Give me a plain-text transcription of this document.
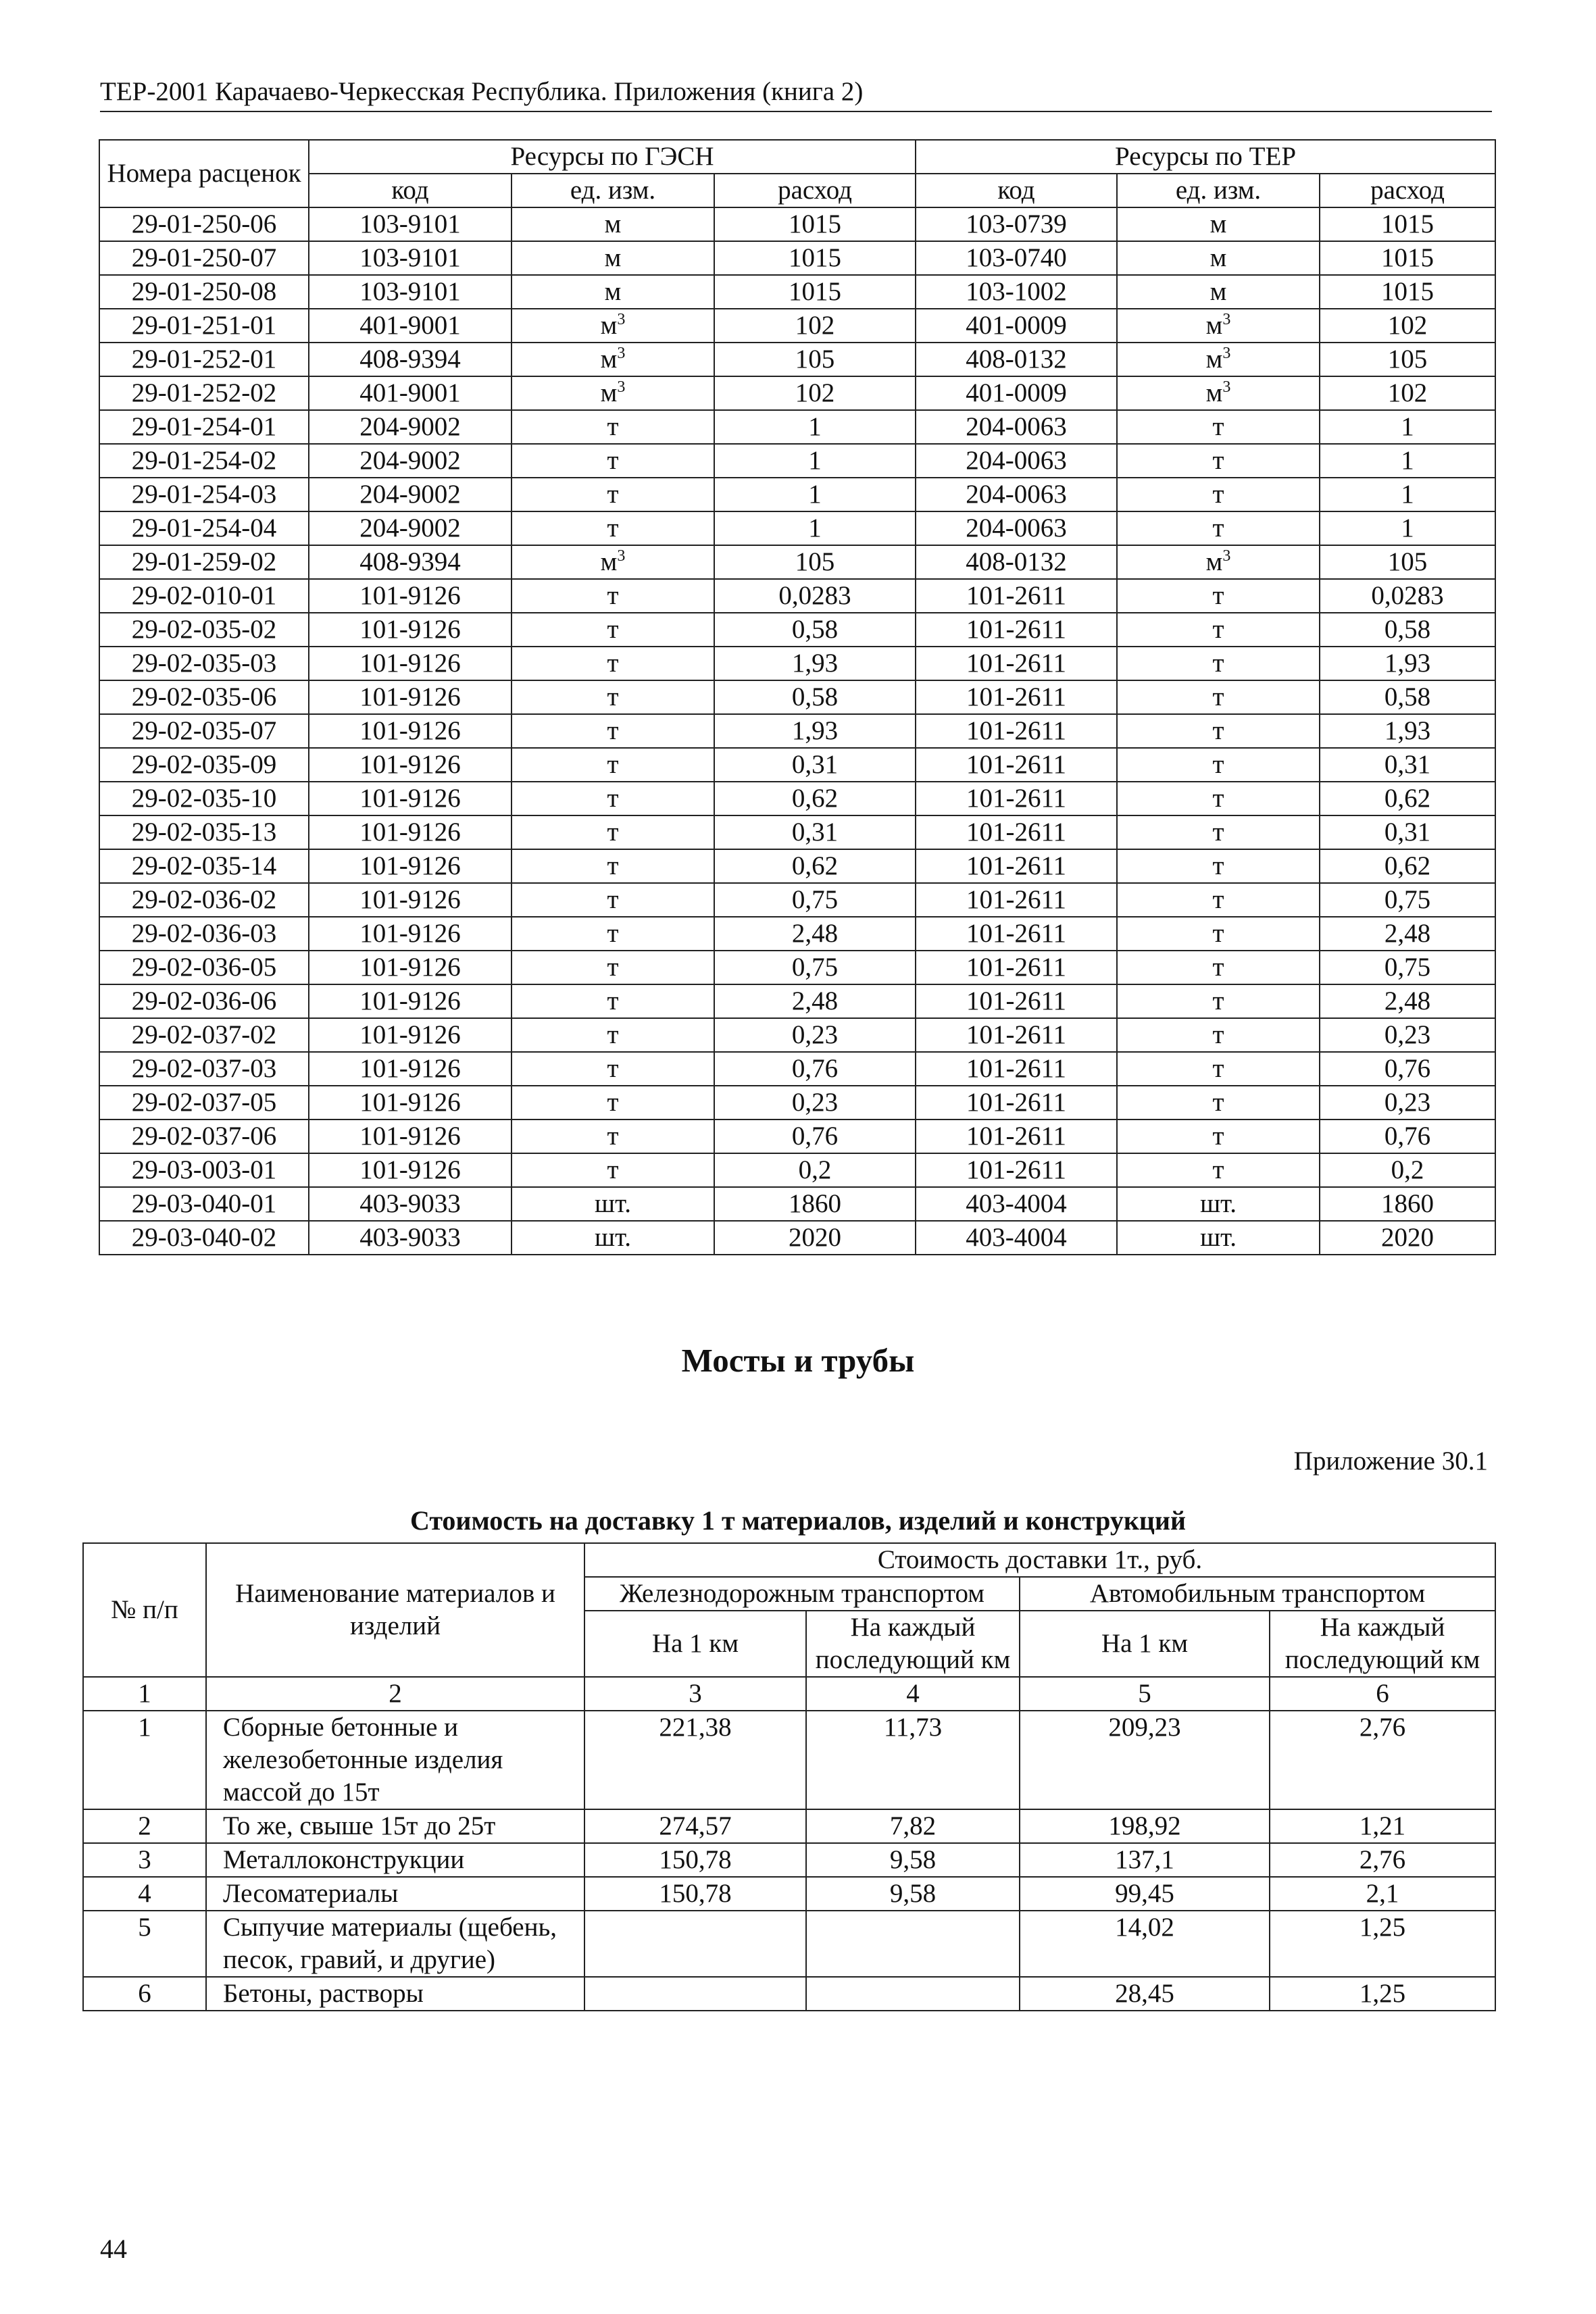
ТЕР-2001 Карачаево-Черкесская Республика. Приложения (книга 2)
Номера расценок	Ресурсы по ГЭСН			Ресурсы по ТЕР		
	код	ед. изм.	расход	код	ед. изм.	расход
29-01-250-06	103-9101	м	1015	103-0739	м	1015
29-01-250-07	103-9101	м	1015	103-0740	м	1015
29-01-250-08	103-9101	м	1015	103-1002	м	1015
29-01-251-01	401-9001	$м^3$	102	401-0009	$м^3$	102
29-01-252-01	408-9394	$м^3$	105	408-0132	$м^3$	105
29-01-252-02	401-9001	$м^3$	102	401-0009	$м^3$	102
29-01-254-01	204-9002	т	1	204-0063	т	1
29-01-254-02	204-9002	т	1	204-0063	т	1
29-01-254-03	204-9002	т	1	204-0063	т	1
29-01-254-04	204-9002	т	1	204-0063	т	1
29-01-259-02	408-9394	$м^3$	105	408-0132	$м^3$	105
29-02-010-01	101-9126	т	0,0283	101-2611	т	0,0283
29-02-035-02	101-9126	т	0,58	101-2611	т	0,58
29-02-035-03	101-9126	т	1,93	101-2611	т	1,93
29-02-035-06	101-9126	т	0,58	101-2611	т	0,58
29-02-035-07	101-9126	т	1,93	101-2611	т	1,93
29-02-035-09	101-9126	т	0,31	101-2611	т	0,31
29-02-035-10	101-9126	т	0,62	101-2611	т	0,62
29-02-035-13	101-9126	т	0,31	101-2611	т	0,31
29-02-035-14	101-9126	т	0,62	101-2611	т	0,62
29-02-036-02	101-9126	т	0,75	101-2611	т	0,75
29-02-036-03	101-9126	т	2,48	101-2611	т	2,48
29-02-036-05	101-9126	т	0,75	101-2611	т	0,75
29-02-036-06	101-9126	т	2,48	101-2611	т	2,48
29-02-037-02	101-9126	т	0,23	101-2611	т	0,23
29-02-037-03	101-9126	т	0,76	101-2611	т	0,76
29-02-037-05	101-9126	т	0,23	101-2611	т	0,23
29-02-037-06	101-9126	т	0,76	101-2611	т	0,76
29-03-003-01	101-9126	т	0,2	101-2611	т	0,2
29-03-040-01	403-9033	шт.	1860	403-4004	шт.	1860
29-03-040-02	403-9033	шт.	2020	403-4004	шт.	2020
Мосты и трубы
Приложение 30.1
Стоимость на доставку 1 т материалов, изделий и конструкций
№ п/п	Наименование материалов и изделий	Стоимость доставки 1т., руб.			
		Железнодорожным транспортом		Автомобильным транспортом	
		На 1 км	На каждый последующий км	На 1 км	На каждый последующий км
1	2	3	4	5	6
1	Сборные бетонные и железобетонные изделия массой до 15т	221,38	11,73	209,23	2,76
2	То же, свыше 15т до 25т	274,57	7,82	198,92	1,21
3	Металлоконструкции	150,78	9,58	137,1	2,76
4	Лесоматериалы	150,78	9,58	99,45	2,1
5	Сыпучие материалы (щебень, песок, гравий, и другие)			14,02	1,25
6	Бетоны, растворы			28,45	1,25
44
